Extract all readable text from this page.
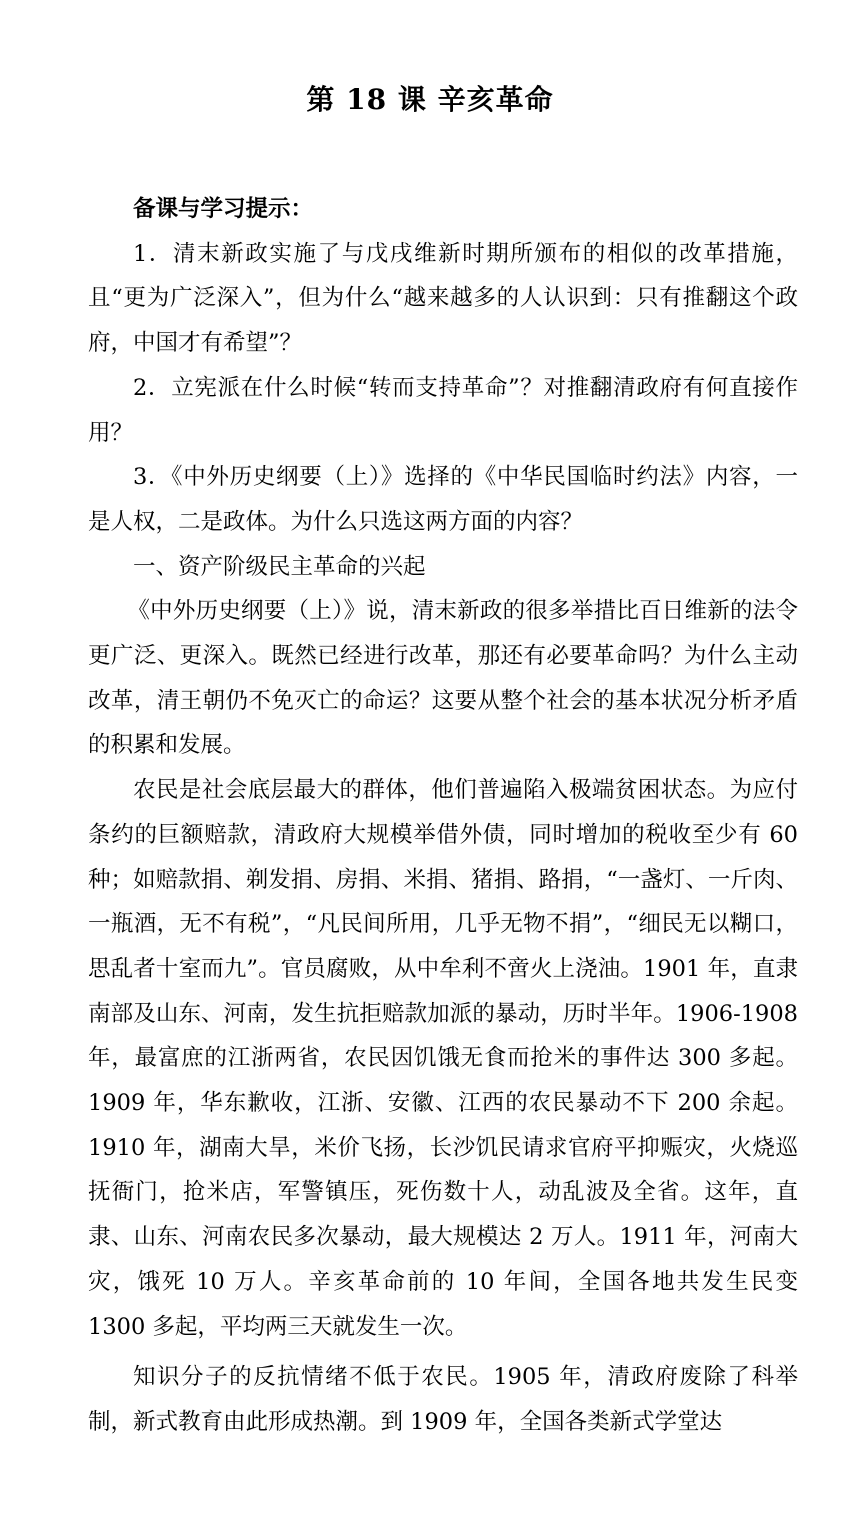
第 18 课 辛亥革命

备课与学习提示：

1．清末新政实施了与戊戌维新时期所颁布的相似的改革措施，且“更为广泛深入”，但为什么“越来越多的人认识到：只有推翻这个政府，中国才有希望”？

2．立宪派在什么时候“转而支持革命”？对推翻清政府有何直接作用？

3．《中外历史纲要（上）》选择的《中华民国临时约法》内容，一是人权，二是政体。为什么只选这两方面的内容？

一、资产阶级民主革命的兴起

《中外历史纲要（上）》说，清末新政的很多举措比百日维新的法令更广泛、更深入。既然已经进行改革，那还有必要革命吗？为什么主动改革，清王朝仍不免灭亡的命运？这要从整个社会的基本状况分析矛盾的积累和发展。

农民是社会底层最大的群体，他们普遍陷入极端贫困状态。为应付条约的巨额赔款，清政府大规模举借外债，同时增加的税收至少有 60 种；如赔款捐、剃发捐、房捐、米捐、猪捐、路捐，“一盏灯、一斤肉、一瓶酒，无不有税”，“凡民间所用，几乎无物不捐”，“细民无以糊口，思乱者十室而九”。官员腐败，从中牟利不啻火上浇油。1901 年，直隶南部及山东、河南，发生抗拒赔款加派的暴动，历时半年。1906-1908 年，最富庶的江浙两省，农民因饥饿无食而抢米的事件达 300 多起。1909 年，华东歉收，江浙、安徽、江西的农民暴动不下 200 余起。1910 年，湖南大旱，米价飞扬，长沙饥民请求官府平抑赈灾，火烧巡抚衙门，抢米店，军警镇压，死伤数十人，动乱波及全省。这年，直隶、山东、河南农民多次暴动，最大规模达 2 万人。1911 年，河南大灾，饿死 10 万人。辛亥革命前的 10 年间，全国各地共发生民变 1300 多起，平均两三天就发生一次。

知识分子的反抗情绪不低于农民。1905 年，清政府废除了科举制，新式教育由此形成热潮。到 1909 年，全国各类新式学堂达
